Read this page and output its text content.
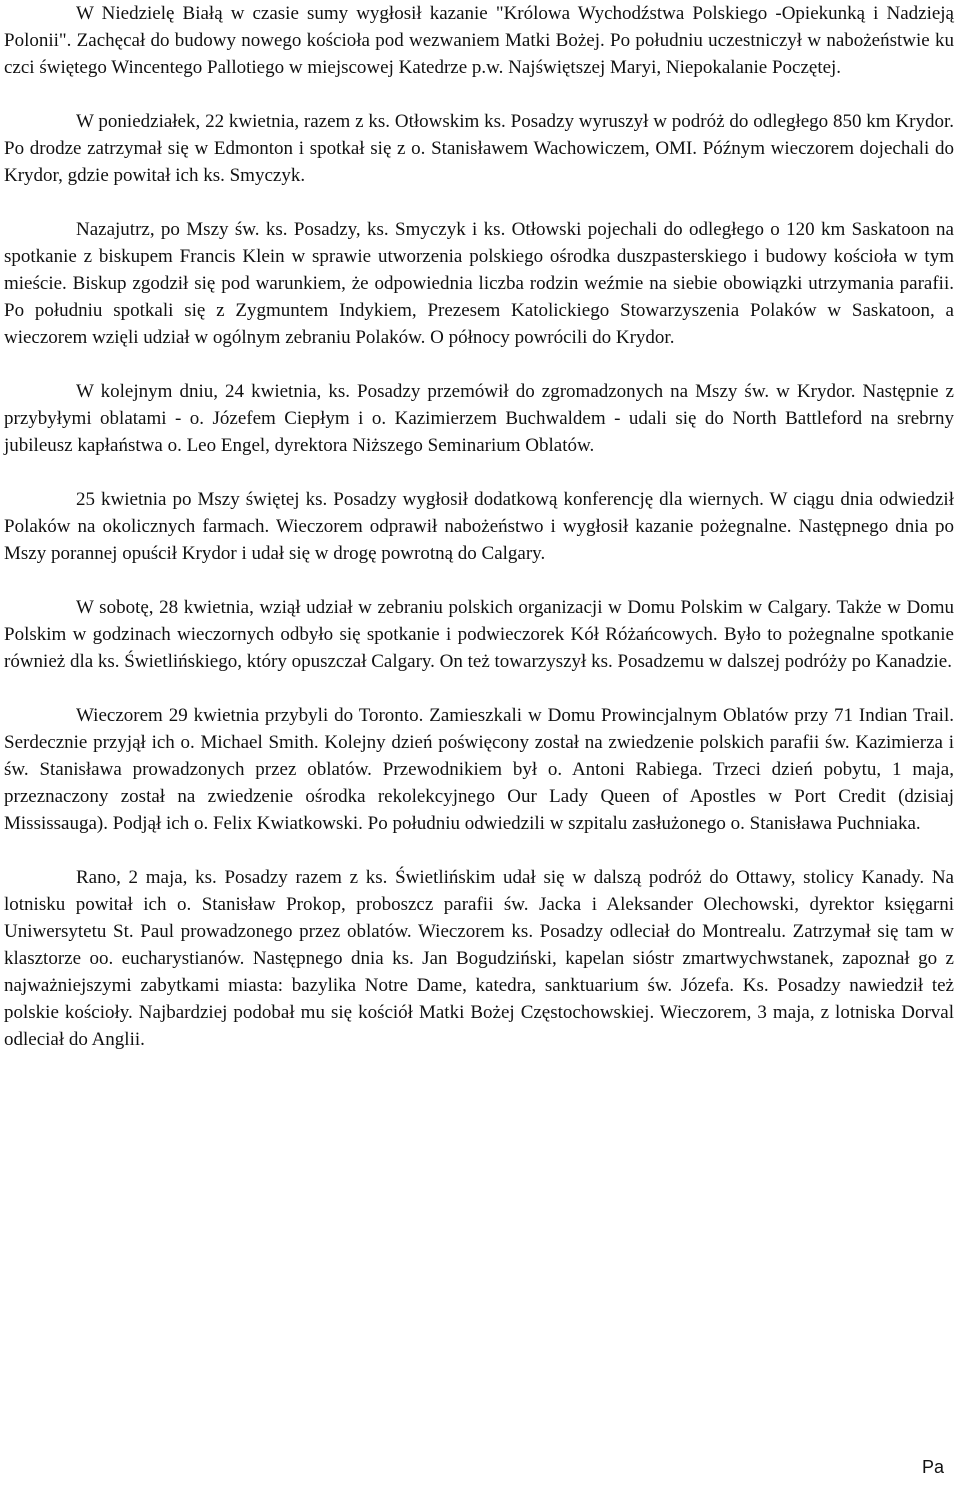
W Niedzielę Białą w czasie sumy wygłosił kazanie "Królowa Wychodźstwa Polskiego -Opiekunką i Nadzieją Polonii". Zachęcał do budowy nowego kościoła pod wezwaniem Matki Bożej. Po południu uczestniczył w nabożeństwie ku czci świętego Wincentego Pallotiego w miejscowej Katedrze p.w. Najświętszej Maryi, Niepokalanie Poczętej.

W poniedziałek, 22 kwietnia, razem z ks. Otłowskim ks. Posadzy wyruszył w podróż do odległego 850 km Krydor. Po drodze zatrzymał się w Edmonton i spotkał się z o. Stanisławem Wachowiczem, OMI. Późnym wieczorem dojechali do Krydor, gdzie powitał ich ks. Smyczyk.

Nazajutrz, po Mszy św. ks. Posadzy, ks. Smyczyk i ks. Otłowski pojechali do odległego o 120 km Saskatoon na spotkanie z biskupem Francis Klein w sprawie utworzenia polskiego ośrodka duszpasterskiego i budowy kościoła w tym mieście. Biskup zgodził się pod warunkiem, że odpowiednia liczba rodzin weźmie na siebie obowiązki utrzymania parafii. Po południu spotkali się z Zygmuntem Indykiem, Prezesem Katolickiego Stowarzyszenia Polaków w Saskatoon, a wieczorem wzięli udział w ogólnym zebraniu Polaków. O północy powrócili do Krydor.

W kolejnym dniu, 24 kwietnia, ks. Posadzy przemówił do zgromadzonych na Mszy św. w Krydor. Następnie z przybyłymi oblatami - o. Józefem Ciepłym i o. Kazimierzem Buchwaldem - udali się do North Battleford na srebrny jubileusz kapłaństwa o. Leo Engel, dyrektora Niższego Seminarium Oblatów.

25 kwietnia po Mszy świętej ks. Posadzy wygłosił dodatkową konferencję dla wiernych. W ciągu dnia odwiedził Polaków na okolicznych farmach. Wieczorem odprawił nabożeństwo i wygłosił kazanie pożegnalne. Następnego dnia po Mszy porannej opuścił Krydor i udał się w drogę powrotną do Calgary.

W sobotę, 28 kwietnia, wziął udział w zebraniu polskich organizacji w Domu Polskim w Calgary. Także w Domu Polskim w godzinach wieczornych odbyło się spotkanie i podwieczorek Kół Różańcowych. Było to pożegnalne spotkanie również dla ks. Świetlińskiego, który opuszczał Calgary. On też towarzyszył ks. Posadzemu w dalszej podróży po Kanadzie.

Wieczorem 29 kwietnia przybyli do Toronto. Zamieszkali w Domu Prowincjalnym Oblatów przy 71 Indian Trail. Serdecznie przyjął ich o. Michael Smith. Kolejny dzień poświęcony został na zwiedzenie polskich parafii św. Kazimierza i św. Stanisława prowadzonych przez oblatów. Przewodnikiem był o. Antoni Rabiega. Trzeci dzień pobytu, 1 maja, przeznaczony został na zwiedzenie ośrodka rekolekcyjnego Our Lady Queen of Apostles w Port Credit (dzisiaj Mississauga). Podjął ich o. Felix Kwiatkowski. Po południu odwiedzili w szpitalu zasłużonego o. Stanisława Puchniaka.

Rano, 2 maja, ks. Posadzy razem z ks. Świetlińskim udał się w dalszą podróż do Ottawy, stolicy Kanady. Na lotnisku powitał ich o. Stanisław Prokop, proboszcz parafii św. Jacka i Aleksander Olechowski, dyrektor księgarni Uniwersytetu St. Paul prowadzonego przez oblatów. Wieczorem ks. Posadzy odleciał do Montrealu. Zatrzymał się tam w klasztorze oo. eucharystianów. Następnego dnia ks. Jan Bogudziński, kapelan sióstr zmartwychwstanek, zapoznał go z najważniejszymi zabytkami miasta: bazylika Notre Dame, katedra, sanktuarium św. Józefa. Ks. Posadzy nawiedził też polskie kościoły. Najbardziej podobał mu się kościół Matki Bożej Częstochowskiej. Wieczorem, 3 maja, z lotniska Dorval odleciał do Anglii.

Pa
